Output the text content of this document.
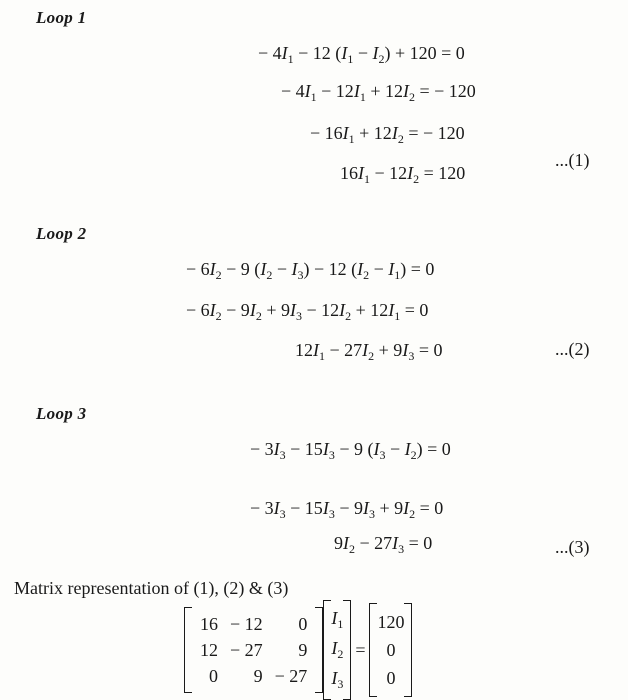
Loop 1
− $4I_1 - 12$ $(I_1 - I_2) + 120 = 0$
− $4I_1 - 12I_1 + 12I_2$ = − 120
− $16I_1 + 12I_2$ = − 120
$16I_1 - 12I_2 = 120$
...(1)
Loop 2
− $6I_2 - 9$ $(I_2 - I_3) - 12$ $(I_2 - I_1) = 0$
− $6I_2 - 9I_2 + 9I_3 - 12I_2 + 12I_1 = 0$
$12I_1 - 27I_2 + 9I_3 = 0$	...(2)
Loop 3
− $3I_3 - 15I_3 - 9$ $(I_3 - I_2) = 0$
− $3I_3 - 15I_3 - 9I_3 + 9I_2 = 0$
$9I_2 - 27I_3 = 0$	...(3)
Matrix representation of (1), (2) & (3)
16	− 12	0
12	− 27	9
0	9	− 27
$I_1$
$I_2$
$I_3$
=
120
0
0
